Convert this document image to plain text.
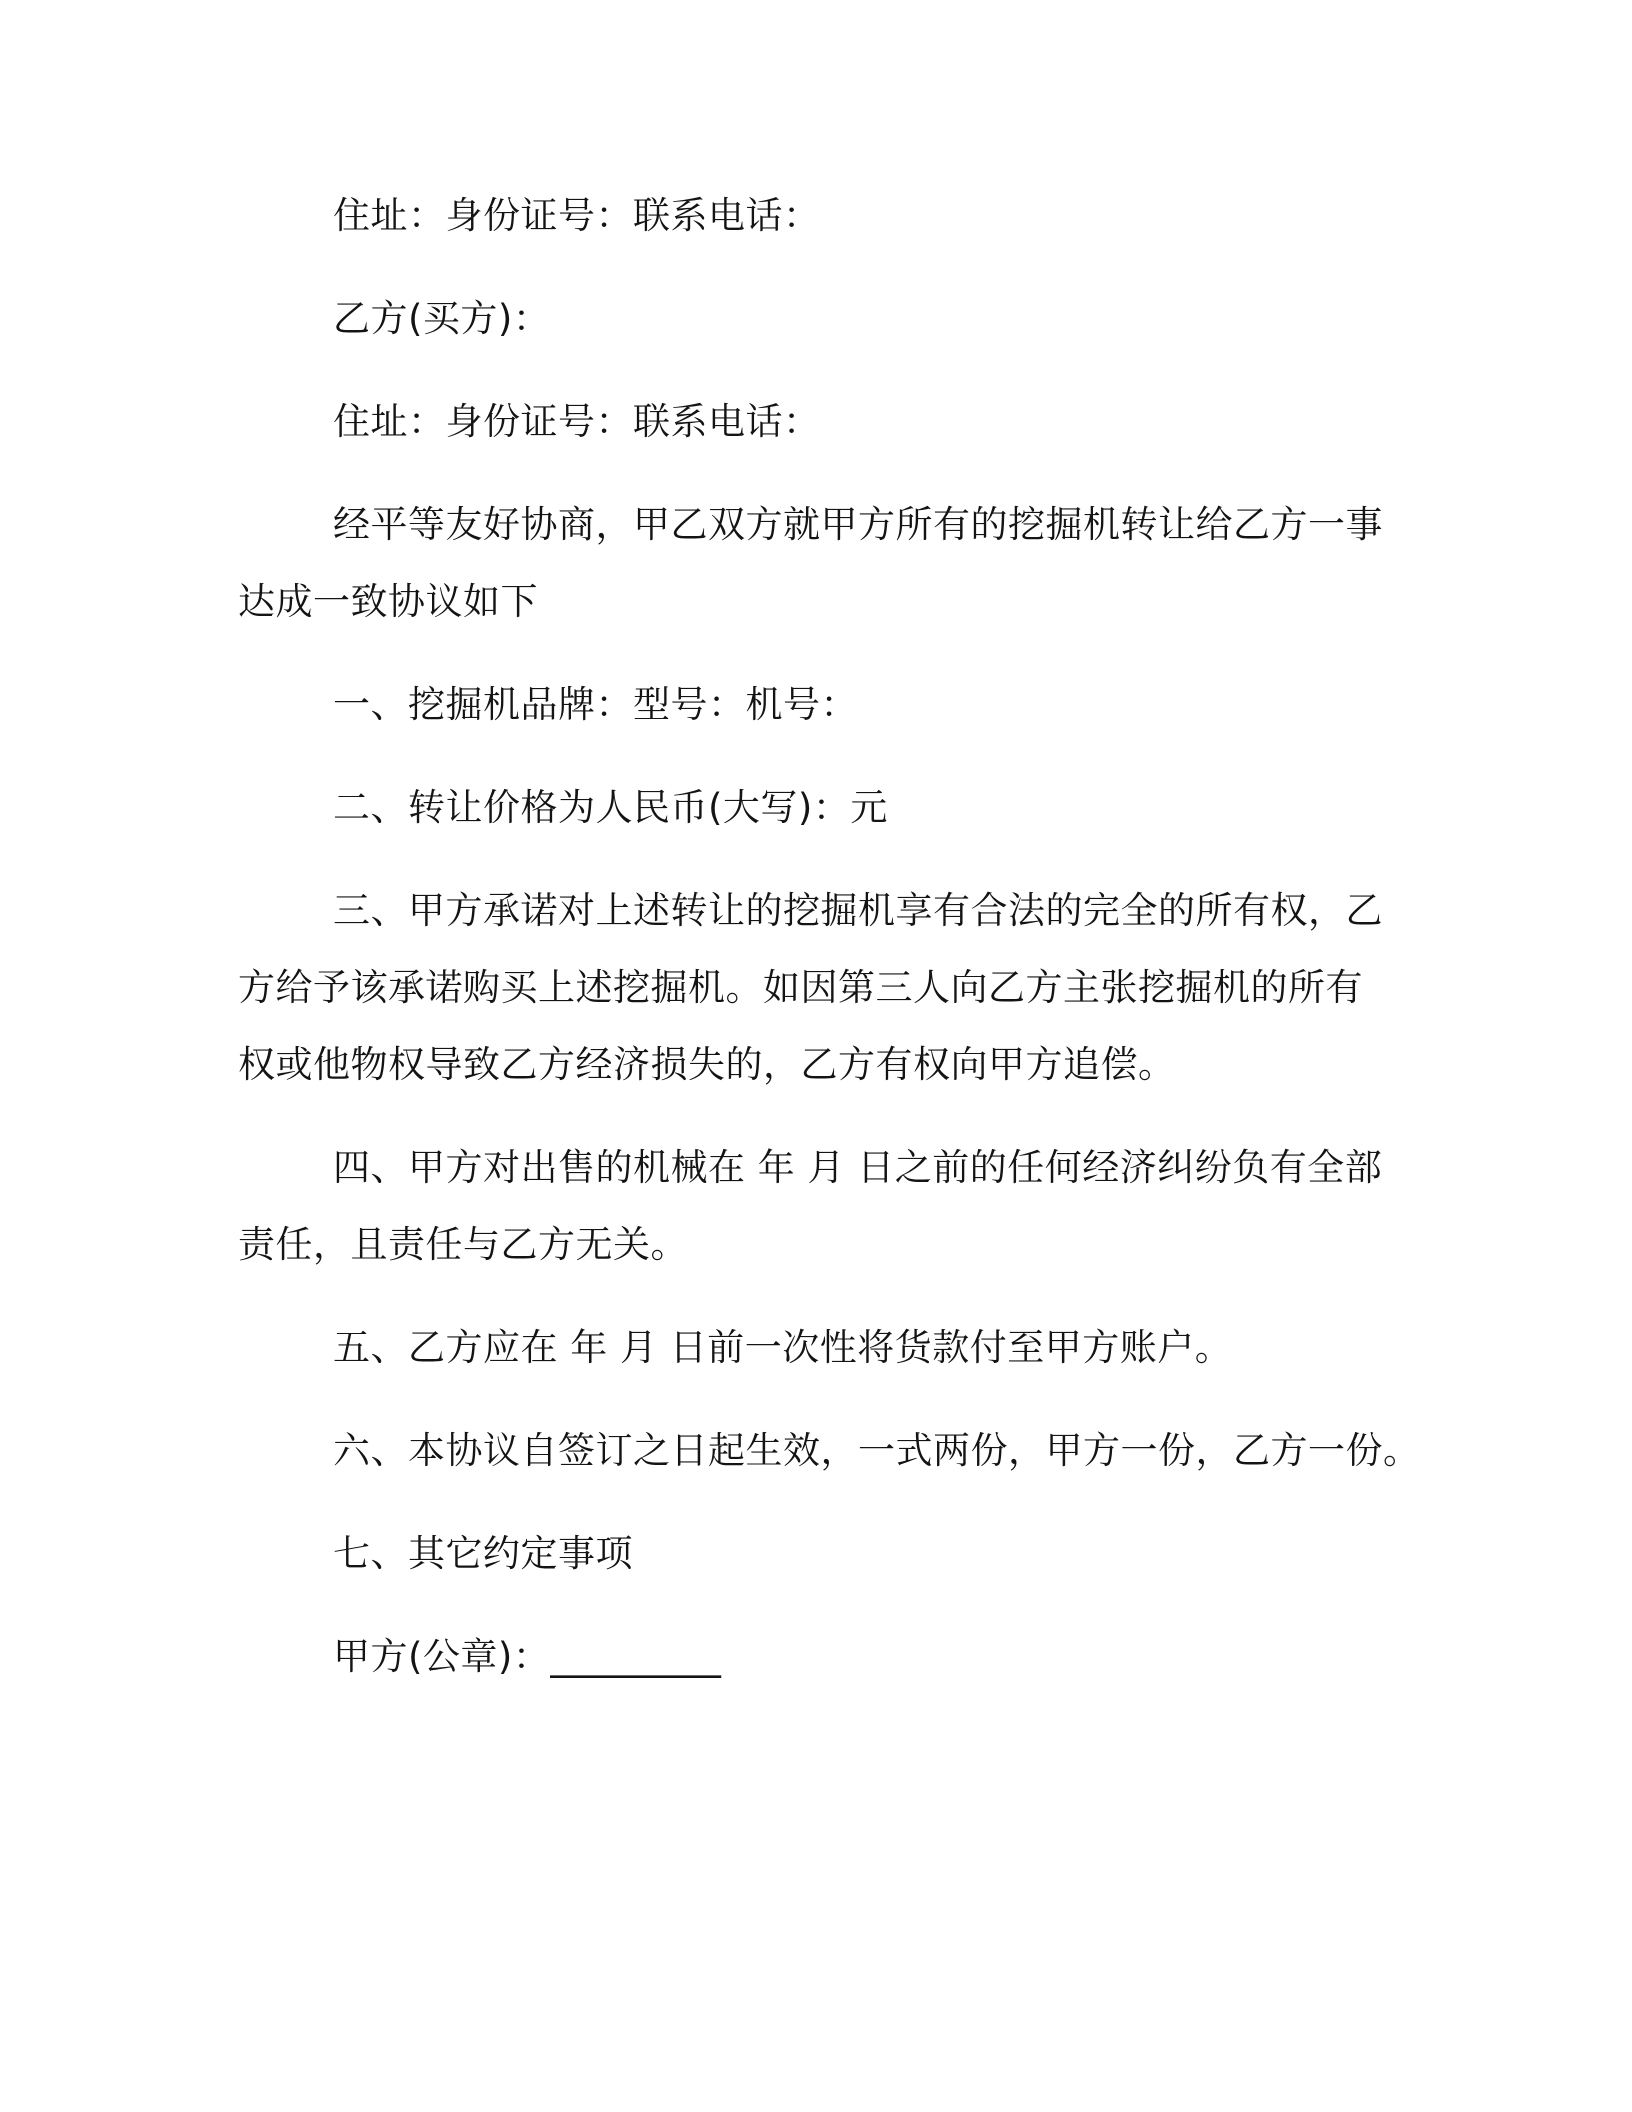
住址：身份证号：联系电话：
乙方(买方)：
住址：身份证号：联系电话：
经平等友好协商，甲乙双方就甲方所有的挖掘机转让给乙方一事
达成一致协议如下
一、挖掘机品牌：型号：机号：
二、转让价格为人民币(大写)：元
三、甲方承诺对上述转让的挖掘机享有合法的完全的所有权，乙
方给予该承诺购买上述挖掘机。如因第三人向乙方主张挖掘机的所有
权或他物权导致乙方经济损失的，乙方有权向甲方追偿。
四、甲方对出售的机械在 年 月 日之前的任何经济纠纷负有全部
责任，且责任与乙方无关。
五、乙方应在 年 月 日前一次性将货款付至甲方账户。
六、本协议自签订之日起生效，一式两份，甲方一份，乙方一份。
七、其它约定事项
甲方(公章)：_________
